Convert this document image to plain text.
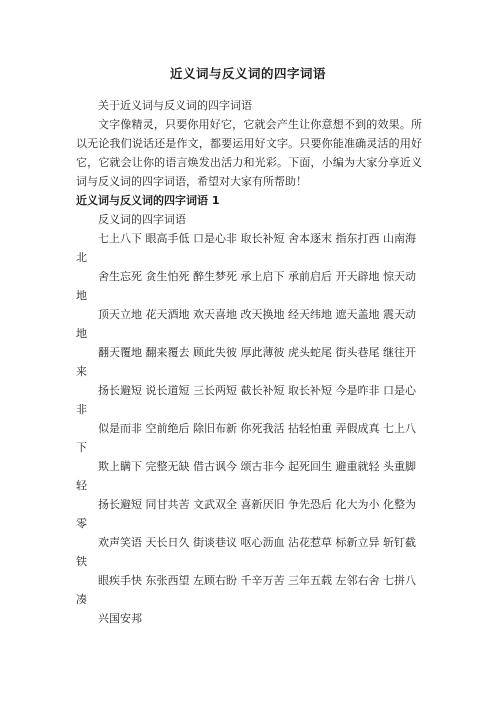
近义词与反义词的四字词语

关于近义词与反义词的四字词语

文字像精灵，只要你用好它，它就会产生让你意想不到的效果。所以无论我们说话还是作文，都要运用好文字。只要你能准确灵活的用好它，它就会让你的语言焕发出活力和光彩。下面，小编为大家分享近义词与反义词的四字词语，希望对大家有所帮助！

近义词与反义词的四字词语 1

反义词的四字词语

七上八下 眼高手低 口是心非 取长补短 舍本逐末 指东打西 山南海北

舍生忘死 贪生怕死 醉生梦死 承上启下 承前启后 开天辟地 惊天动地

顶天立地 花天酒地 欢天喜地 改天换地 经天纬地 遮天盖地 震天动地

翻天覆地 翻来覆去 顾此失彼 厚此薄彼 虎头蛇尾 街头巷尾 继往开来

扬长避短 说长道短 三长两短 截长补短 取长补短 今是昨非 口是心非

似是而非 空前绝后 除旧布新 你死我活 拈轻怕重 弄假成真 七上八下

欺上瞒下 完整无缺 借古讽今 颂古非今 起死回生 避重就轻 头重脚轻

扬长避短 同甘共苦 文武双全 喜新厌旧 争先恐后 化大为小 化整为零

欢声笑语 天长日久 街谈巷议 呕心沥血 沾花惹草 标新立异 斩钉截铁

眼疾手快 东张西望 左顾右盼 千辛万苦 三年五载 左邻右舍 七拼八凑

兴国安邦
